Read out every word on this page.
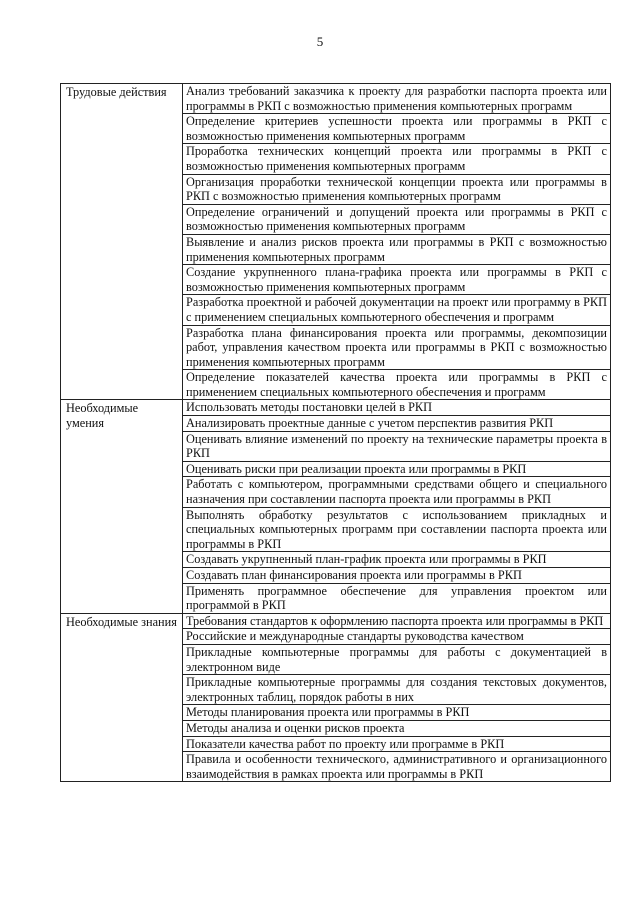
5
Трудовые действия	Анализ требований заказчика к проекту для разработки паспорта проекта или программы в РКП с возможностью применения компьютерных программ
	Определение критериев успешности проекта или программы в РКП с возможностью применения компьютерных программ
	Проработка технических концепций проекта или программы в РКП с возможностью применения компьютерных программ
	Организация проработки технической концепции проекта или программы в РКП с возможностью применения компьютерных программ
	Определение ограничений и допущений проекта или программы в РКП с возможностью применения компьютерных программ
	Выявление и анализ рисков проекта или программы в РКП с возможностью применения компьютерных программ
	Создание укрупненного плана-графика проекта или программы в РКП с возможностью применения компьютерных программ
	Разработка проектной и рабочей документации на проект или программу в РКП с применением специальных компьютерного обеспечения и программ
	Разработка плана финансирования проекта или программы, декомпозиции работ, управления качеством проекта или программы в РКП с возможностью применения компьютерных программ
	Определение показателей качества проекта или программы в РКП с применением специальных компьютерного обеспечения и программ
Необходимые умения	Использовать методы постановки целей в РКП
	Анализировать проектные данные с учетом перспектив развития РКП
	Оценивать влияние изменений по проекту на технические параметры проекта в РКП
	Оценивать риски при реализации проекта или программы в РКП
	Работать с компьютером, программными средствами общего и специального назначения при составлении паспорта проекта или программы в РКП
	Выполнять обработку результатов с использованием прикладных и специальных компьютерных программ при составлении паспорта проекта или программы в РКП
	Создавать укрупненный план-график проекта или программы в РКП
	Создавать план финансирования проекта или программы в РКП
	Применять программное обеспечение для управления проектом или программой в РКП
Необходимые знания	Требования стандартов к оформлению паспорта проекта или программы в РКП
	Российские и международные стандарты руководства качеством
	Прикладные компьютерные программы для работы с документацией в электронном виде
	Прикладные компьютерные программы для создания текстовых документов, электронных таблиц, порядок работы в них
	Методы планирования проекта или программы в РКП
	Методы анализа и оценки рисков проекта
	Показатели качества работ по проекту или программе в РКП
	Правила и особенности технического, административного и организационного взаимодействия в рамках проекта или программы в РКП
